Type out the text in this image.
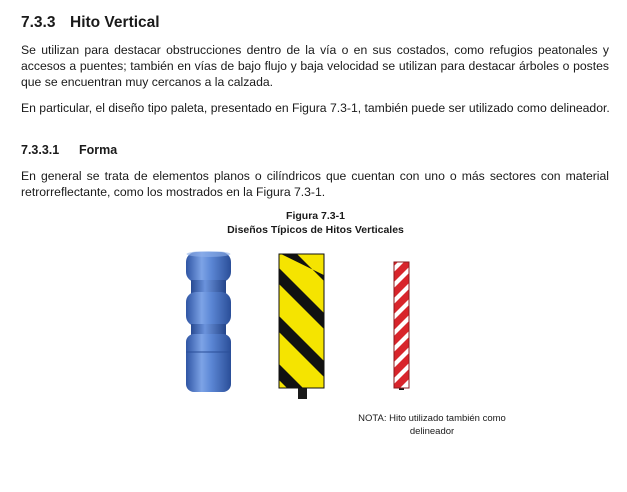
7.3.3 Hito Vertical
Se utilizan para destacar obstrucciones dentro de la vía o en sus costados, como refugios peatonales y accesos a puentes; también en vías de bajo flujo y baja velocidad se utilizan para destacar árboles o postes que se encuentran muy cercanos a la calzada.
En particular, el diseño tipo paleta, presentado en Figura 7.3-1, también puede ser utilizado como delineador.
7.3.3.1 Forma
En general se trata de elementos planos o cilíndricos que cuentan con uno o más sectores con material retrorreflectante, como los mostrados en la Figura 7.3-1.
Figura 7.3-1
Diseños Típicos de Hitos Verticales
NOTA: Hito utilizado también como delineador
